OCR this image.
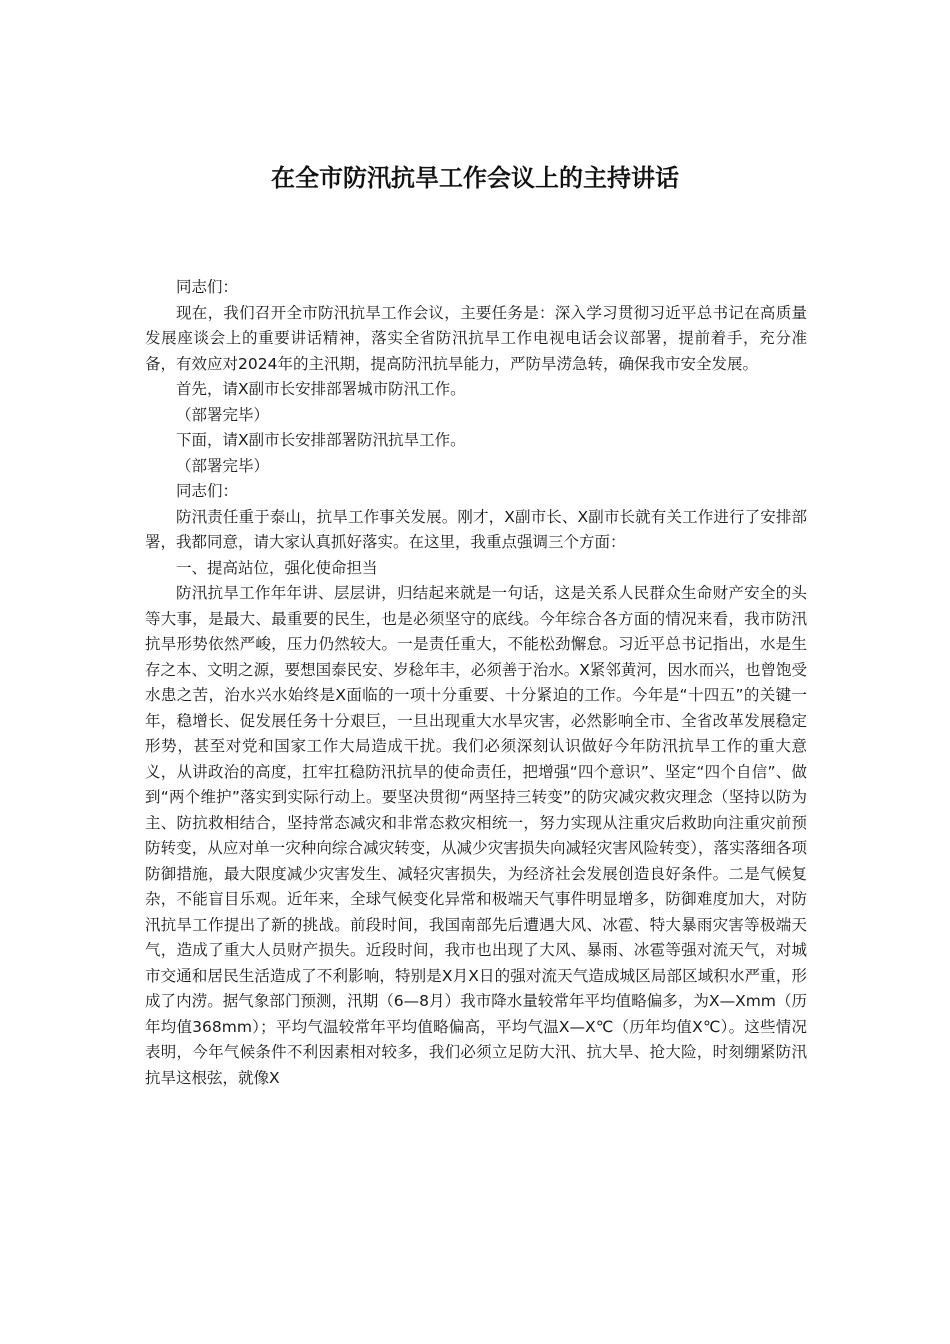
在全市防汛抗旱工作会议上的主持讲话

同志们：

现在，我们召开全市防汛抗旱工作会议，主要任务是：深入学习贯彻习近平总书记在高质量发展座谈会上的重要讲话精神，落实全省防汛抗旱工作电视电话会议部署，提前着手，充分准备，有效应对2024年的主汛期，提高防汛抗旱能力，严防旱涝急转，确保我市安全发展。

首先，请X副市长安排部署城市防汛工作。

（部署完毕）

下面，请X副市长安排部署防汛抗旱工作。

（部署完毕）

同志们：

防汛责任重于泰山，抗旱工作事关发展。刚才，X副市长、X副市长就有关工作进行了安排部署，我都同意，请大家认真抓好落实。在这里，我重点强调三个方面：

一、提高站位，强化使命担当

防汛抗旱工作年年讲、层层讲，归结起来就是一句话，这是关系人民群众生命财产安全的头等大事，是最大、最重要的民生，也是必须坚守的底线。今年综合各方面的情况来看，我市防汛抗旱形势依然严峻，压力仍然较大。一是责任重大，不能松劲懈怠。习近平总书记指出，水是生存之本、文明之源，要想国泰民安、岁稔年丰，必须善于治水。X紧邻黄河，因水而兴，也曾饱受水患之苦，治水兴水始终是X面临的一项十分重要、十分紧迫的工作。今年是“十四五”的关键一年，稳增长、促发展任务十分艰巨，一旦出现重大水旱灾害，必然影响全市、全省改革发展稳定形势，甚至对党和国家工作大局造成干扰。我们必须深刻认识做好今年防汛抗旱工作的重大意义，从讲政治的高度，扛牢扛稳防汛抗旱的使命责任，把增强“四个意识”、坚定“四个自信”、做到“两个维护”落实到实际行动上。要坚决贯彻“两坚持三转变”的防灾减灾救灾理念（坚持以防为主、防抗救相结合，坚持常态减灾和非常态救灾相统一，努力实现从注重灾后救助向注重灾前预防转变，从应对单一灾种向综合减灾转变，从减少灾害损失向减轻灾害风险转变），落实落细各项防御措施，最大限度减少灾害发生、减轻灾害损失，为经济社会发展创造良好条件。二是气候复杂，不能盲目乐观。近年来，全球气候变化异常和极端天气事件明显增多，防御难度加大，对防汛抗旱工作提出了新的挑战。前段时间，我国南部先后遭遇大风、冰雹、特大暴雨灾害等极端天气，造成了重大人员财产损失。近段时间，我市也出现了大风、暴雨、冰雹等强对流天气，对城市交通和居民生活造成了不利影响，特别是X月X日的强对流天气造成城区局部区域积水严重，形成了内涝。据气象部门预测，汛期（6—8月）我市降水量较常年平均值略偏多，为X—Xmm（历年均值368mm）；平均气温较常年平均值略偏高，平均气温X—X℃（历年均值X℃）。这些情况表明，今年气候条件不利因素相对较多，我们必须立足防大汛、抗大旱、抢大险，时刻绷紧防汛抗旱这根弦，就像X
